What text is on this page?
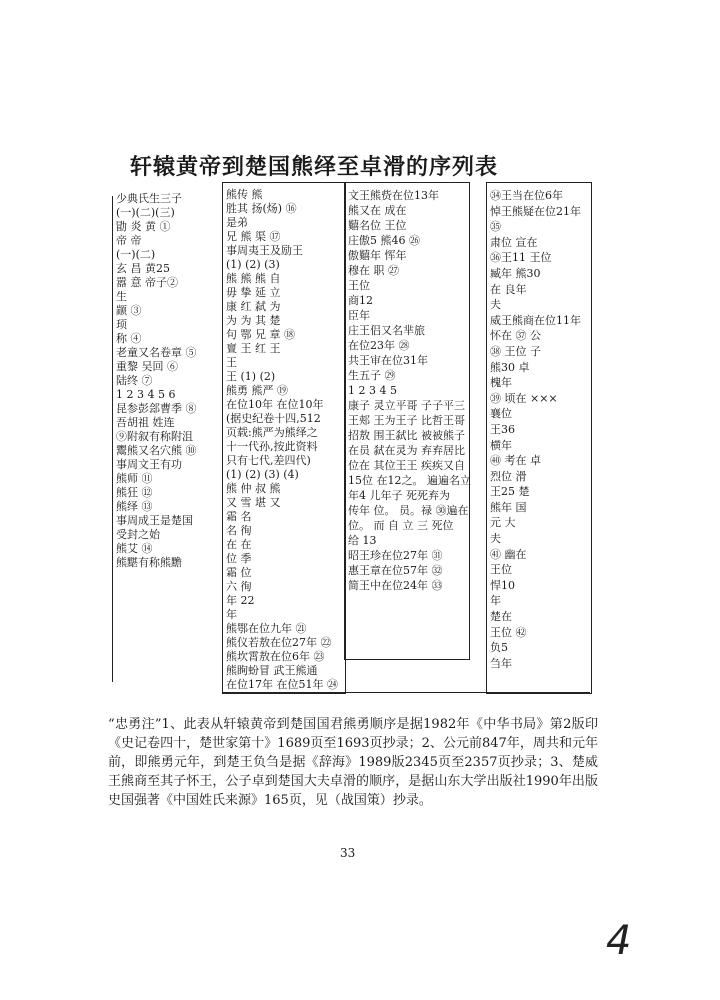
轩辕黄帝到楚国熊绎至卓滑的序列表
少典氏生三子
(一)(二)(三)
勖 炎 黄 ①
帝 帝
(一)(二)
玄 昌 黄25
嚣 意 帝子②
生
颛 ③
顼
称 ④
老童又名卷章 ⑤
重黎 吴回 ⑥
陆终 ⑦
1 2 3 4 5 6
昆参彭郐曹季 ⑧
吾胡祖 姓连
⑨附叙有称附沮
鬻熊又名穴熊 ⑩
事周文王有功
熊师 ⑪
熊狂 ⑫
熊绎 ⑬
事周成王是楚国
受封之始
熊艾 ⑭
熊黮有称熊黵
熊传 熊
胜其 扬(炀) ⑯
是弟
兄 熊 渠 ⑰
事周夷王及励王
(1) (2) (3)
熊 熊 熊 自
毋 挚 延 立
康 红 弑 为
为 为 其 楚
句 鄂 兄 章 ⑱
亶 王 红 王
王
王 (1) (2)
熊勇 熊严 ⑲
在位10年 在位10年
(据史纪卷十四,512
页载:熊严为熊绎之
十一代孙,按此资料
只有七代,差四代)
(1) (2) (3) (4)
熊 仲 叔 熊
又 雪 堪 又
霜 名
名 徇
在 在
位 季
霜 位
六 徇
年 22
年
熊鄂在位九年 ㉑
熊仪若敖在位27年 ㉒
熊坎霄敖在位6年 ㉓
熊眴蚡冒 武王熊通
在位17年 在位51年 ㉔
文王熊赀在位13年
熊又在 成在
囏名位 王位
庄傲5 熊46 ㉖
傲囏年 恽年
穆在 职 ㉗
王位
商12
臣年
庄王侣又名芈旅
在位23年 ㉘
共王审在位31年
生五子 ㉙
1 2 3 4 5
康子 灵立平哥 子子平三
王郏 王为王子 比哲王哥
招敖 围王弑比 被被熊子
在员 弑在灵为 弃弃居比
位在 其位王王 疾疾又自
15位 在12之。 遍遍名立
年4 儿年子 死死弃为
传年 位。 员。禄 ㉚遍在
位。 而 自 立 三 死位
给 13
昭王珍在位27年 ㉛
惠王章在位57年 ㉜
简王中在位24年 ㉝
㉞王当在位6年
悼王熊疑在位21年
㉟
肃位 宣在
㊱王11 王位
臧年 熊30
在 良年
夫
威王熊商在位11年
怀在 ㊲ 公
㊳ 王位 子
熊30 卓
槐年
㊴ 顷在 ×××
襄位
王36
横年
㊵ 考在 卓
烈位 滑
王25 楚
熊年 国
元 大
夫
㊶ 幽在
王位
悍10
年
楚在
王位 ㊷
负5
刍年
“忠勇注”1、此表从轩辕黄帝到楚国国君熊勇顺序是据1982年《中华书局》第2版印《史记卷四十，楚世家第十》1689页至1693页抄录；2、公元前847年，周共和元年前，即熊勇元年，到楚王负刍是据《辞海》1989版2345页至2357页抄录；3、楚威王熊商至其子怀王，公子卓到楚国大夫卓滑的顺序，是据山东大学出版社1990年出版史国强著《中国姓氏来源》165页，见（战国策）抄录。
33
4
